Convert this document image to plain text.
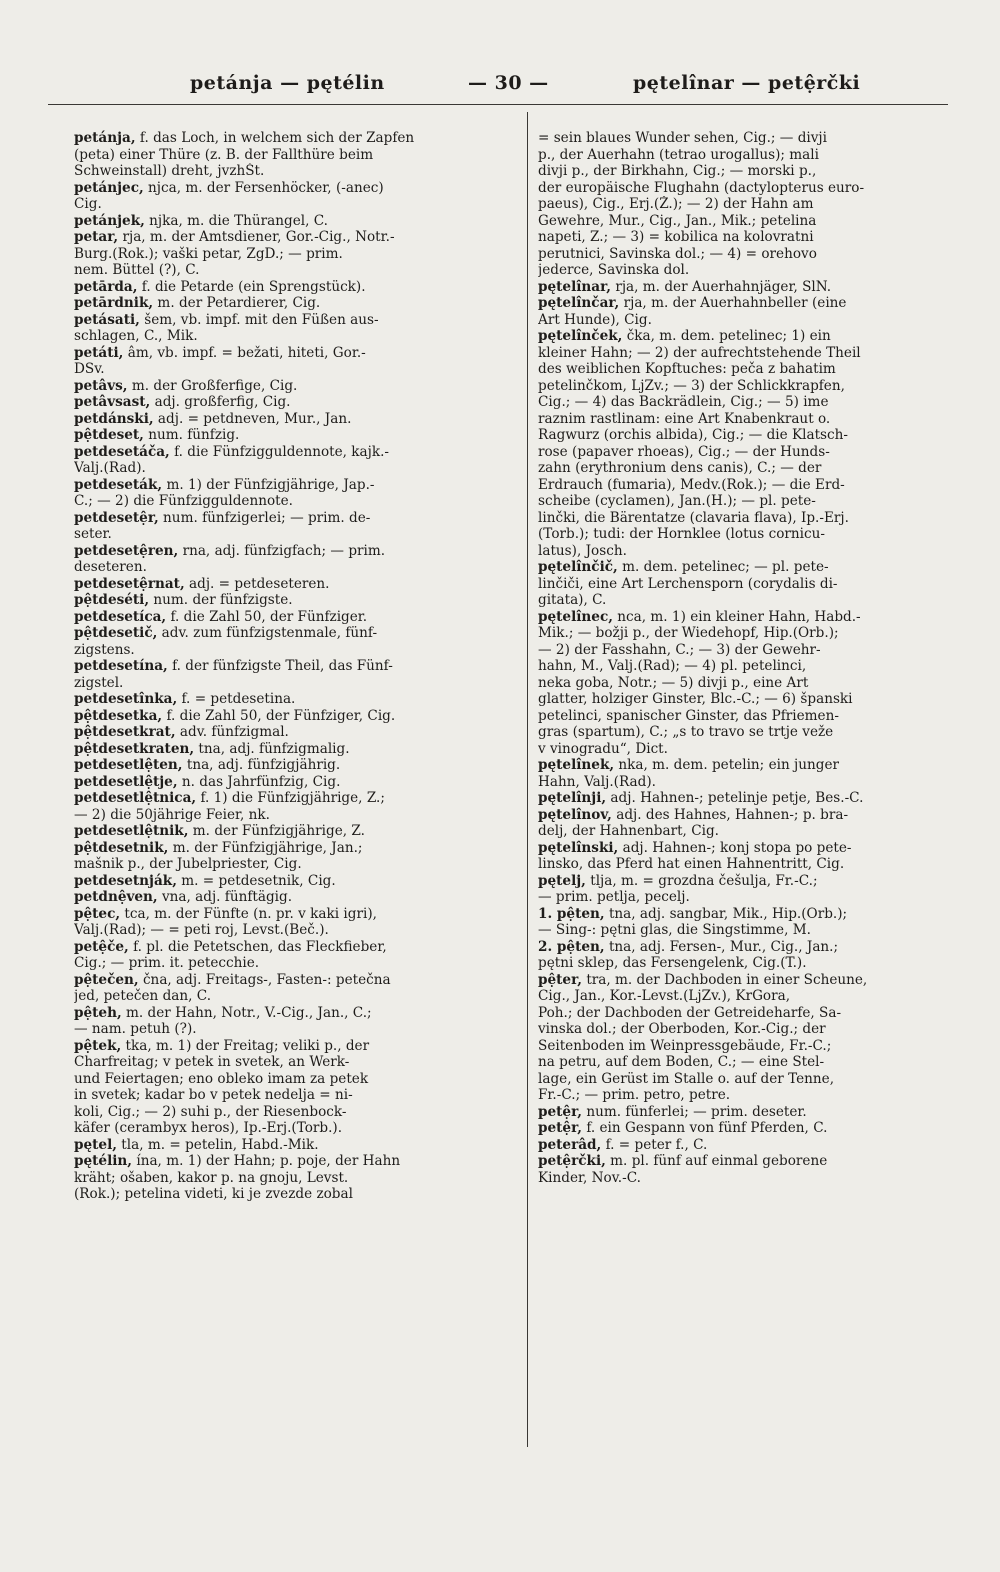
petánja — pętélin	— 30 —	pętelînar — petệrčki
petánja, f. das Loch, in welchem sich der Zapfen
(peta) einer Thüre (z. B. der Fallthüre beim
Schweinstall) dreht, jvzhŠt.
petánjec, njca, m. der Fersenhöcker, (-anec)
Cig.
petánjek, njka, m. die Thürangel, C.
petar, rja, m. der Amtsdiener, Gor.-Cig., Notr.-
Burg.(Rok.); vaški petar, ZgD.; — prim.
nem. Büttel (?), C.
petārda, f. die Petarde (ein Sprengstück).
petārdnik, m. der Petardierer, Cig.
petásati, šem, vb. impf. mit den Füßen aus-
schlagen, C., Mik.
petáti, âm, vb. impf. = bežati, hiteti, Gor.-
DSv.
petâvs, m. der Großferfige, Cig.
petâvsast, adj. großferfig, Cig.
petdánski, adj. = petdneven, Mur., Jan.
pệtdeset, num. fünfzig.
petdesetáča, f. die Fünfzigguldennote, kajk.-
Valj.(Rad).
petdeseták, m. 1) der Fünfzigjährige, Jap.-
C.; — 2) die Fünfzigguldennote.
petdesetệr, num. fünfzigerlei; — prim. de-
seter.
petdesetệren, rna, adj. fünfzigfach; — prim.
deseteren.
petdesetệrnat, adj. = petdeseteren.
pệtdeséti, num. der fünfzigste.
petdesetíca, f. die Zahl 50, der Fünfziger.
pệtdesetič, adv. zum fünfzigstenmale, fünf-
zigstens.
petdesetína, f. der fünfzigste Theil, das Fünf-
zigstel.
petdesetînka, f. = petdesetina.
pệtdesetka, f. die Zahl 50, der Fünfziger, Cig.
pệtdesetkrat, adv. fünfzigmal.
pệtdesetkraten, tna, adj. fünfzigmalig.
petdesetlệten, tna, adj. fünfzigjährig.
petdesetlệtje, n. das Jahrfünfzig, Cig.
petdesetlệtnica, f. 1) die Fünfzigjährige, Z.;
— 2) die 50jährige Feier, nk.
petdesetlệtnik, m. der Fünfzigjährige, Z.
pệtdesetnik, m. der Fünfzigjährige, Jan.;
mašnik p., der Jubelpriester, Cig.
petdesetnják, m. = petdesetnik, Cig.
petdnệven, vna, adj. fünftägig.
pệtec, tca, m. der Fünfte (n. pr. v kaki igri),
Valj.(Rad); — = peti roj, Levst.(Beč.).
petệče, f. pl. die Petetschen, das Fleckfieber,
Cig.; — prim. it. petecchie.
pệtečen, čna, adj. Freitags-, Fasten-: petečna
jed, petečen dan, C.
pệteh, m. der Hahn, Notr., V.-Cig., Jan., C.;
— nam. petuh (?).
pệtek, tka, m. 1) der Freitag; veliki p., der
Charfreitag; v petek in svetek, an Werk-
und Feiertagen; eno obleko imam za petek
in svetek; kadar bo v petek nedelja = ni-
koli, Cig.; — 2) suhi p., der Riesenbock-
käfer (cerambyx heros), Ip.-Erj.(Torb.).
pętel, tla, m. = petelin, Habd.-Mik.
pętélin, ína, m. 1) der Hahn; p. poje, der Hahn
kräht; ošaben, kakor p. na gnoju, Levst.
(Rok.); petelina videti, ki je zvezde zobal
= sein blaues Wunder sehen, Cig.; — divji
p., der Auerhahn (tetrao urogallus); mali
divji p., der Birkhahn, Cig.; — morski p.,
der europäische Flughahn (dactylopterus euro-
paeus), Cig., Erj.(Ž.); — 2) der Hahn am
Gewehre, Mur., Cig., Jan., Mik.; petelina
napeti, Z.; — 3) = kobilica na kolovratni
perutnici, Savinska dol.; — 4) = orehovo
jederce, Savinska dol.
pętelînar, rja, m. der Auerhahnjäger, SlN.
pętelînčar, rja, m. der Auerhahnbeller (eine
Art Hunde), Cig.
pętelînček, čka, m. dem. petelinec; 1) ein
kleiner Hahn; — 2) der aufrechtstehende Theil
des weiblichen Kopftuches: peča z bahatim
petelinčkom, LjZv.; — 3) der Schlickkrapfen,
Cig.; — 4) das Backrädlein, Cig.; — 5) ime
raznim rastlinam: eine Art Knabenkraut o.
Ragwurz (orchis albida), Cig.; — die Klatsch-
rose (papaver rhoeas), Cig.; — der Hunds-
zahn (erythronium dens canis), C.; — der
Erdrauch (fumaria), Medv.(Rok.); — die Erd-
scheibe (cyclamen), Jan.(H.); — pl. pete-
linčki, die Bärentatze (clavaria flava), Ip.-Erj.
(Torb.); tudi: der Hornklee (lotus cornicu-
latus), Josch.
pętelînčič, m. dem. petelinec; — pl. pete-
linčiči, eine Art Lerchensporn (corydalis di-
gitata), C.
pętelînec, nca, m. 1) ein kleiner Hahn, Habd.-
Mik.; — božji p., der Wiedehopf, Hip.(Orb.);
— 2) der Fasshahn, C.; — 3) der Gewehr-
hahn, M., Valj.(Rad); — 4) pl. petelinci,
neka goba, Notr.; — 5) divji p., eine Art
glatter, holziger Ginster, Blc.-C.; — 6) španski
petelinci, spanischer Ginster, das Pfriemen-
gras (spartum), C.; „s to travo se trtje veže
v vinogradu“, Dict.
pętelînek, nka, m. dem. petelin; ein junger
Hahn, Valj.(Rad).
pętelînji, adj. Hahnen-; petelinje petje, Bes.-C.
pętelînov, adj. des Hahnes, Hahnen-; p. bra-
delj, der Hahnenbart, Cig.
pętelînski, adj. Hahnen-; konj stopa po pete-
linsko, das Pferd hat einen Hahnentritt, Cig.
pętelj, tlja, m. = grozdna češulja, Fr.-C.;
— prim. petlja, pecelj.
1. pệten, tna, adj. sangbar, Mik., Hip.(Orb.);
— Sing-: pętni glas, die Singstimme, M.
2. pệten, tna, adj. Fersen-, Mur., Cig., Jan.;
pętni sklep, das Fersengelenk, Cig.(T.).
pệter, tra, m. der Dachboden in einer Scheune,
Cig., Jan., Kor.-Levst.(LjZv.), KrGora,
Poh.; der Dachboden der Getreideharfe, Sa-
vinska dol.; der Oberboden, Kor.-Cig.; der
Seitenboden im Weinpressgebäude, Fr.-C.;
na petru, auf dem Boden, C.; — eine Stel-
lage, ein Gerüst im Stalle o. auf der Tenne,
Fr.-C.; — prim. petro, petre.
petệr, num. fünferlei; — prim. deseter.
petệr, f. ein Gespann von fünf Pferden, C.
peterâd, f. = peter f., C.
petệrčki, m. pl. fünf auf einmal geborene
Kinder, Nov.-C.
